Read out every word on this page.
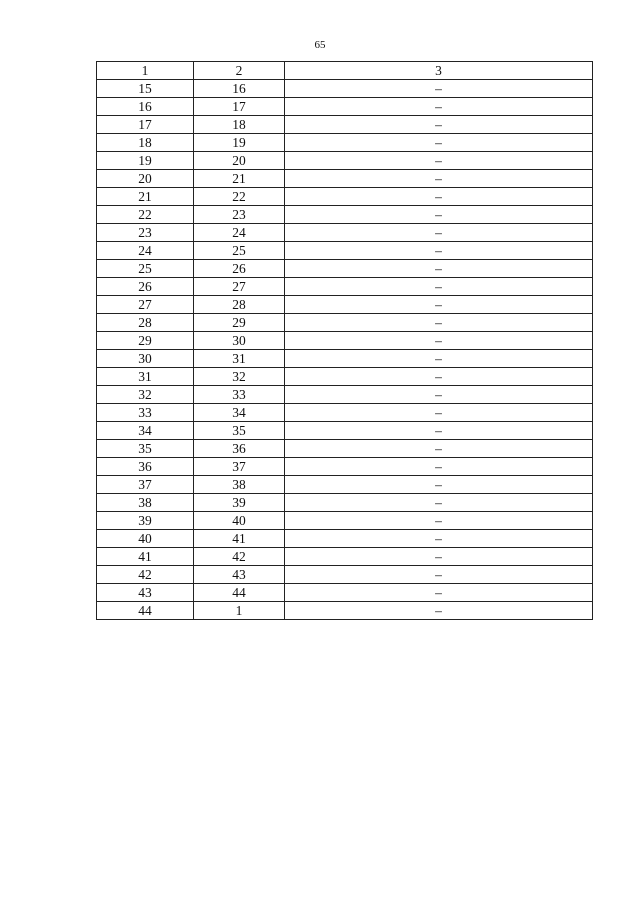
65
1	2	3
15	16	–
16	17	–
17	18	–
18	19	–
19	20	–
20	21	–
21	22	–
22	23	–
23	24	–
24	25	–
25	26	–
26	27	–
27	28	–
28	29	–
29	30	–
30	31	–
31	32	–
32	33	–
33	34	–
34	35	–
35	36	–
36	37	–
37	38	–
38	39	–
39	40	–
40	41	–
41	42	–
42	43	–
43	44	–
44	1	–
